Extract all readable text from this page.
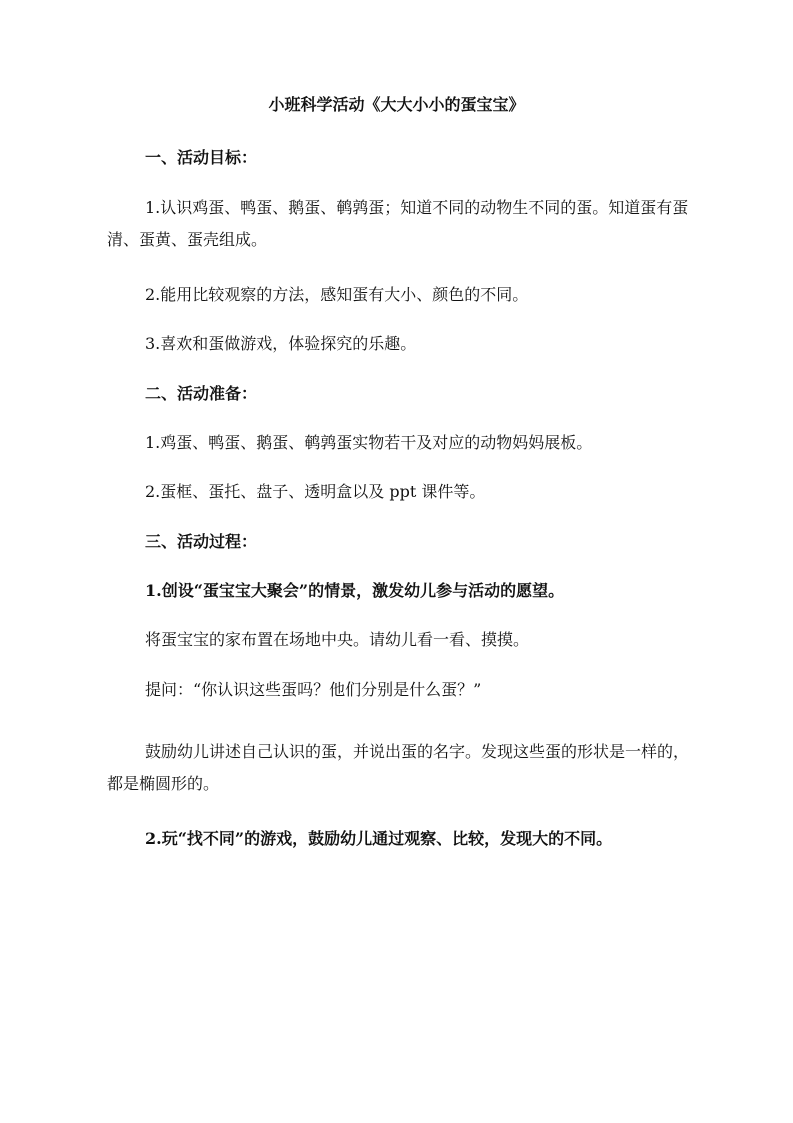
小班科学活动《大大小小的蛋宝宝》
一、活动目标：
1.认识鸡蛋、鸭蛋、鹅蛋、鹌鹑蛋；知道不同的动物生不同的蛋。知道蛋有蛋清、蛋黄、蛋壳组成。
2.能用比较观察的方法，感知蛋有大小、颜色的不同。
3.喜欢和蛋做游戏，体验探究的乐趣。
二、活动准备：
1.鸡蛋、鸭蛋、鹅蛋、鹌鹑蛋实物若干及对应的动物妈妈展板。
2.蛋框、蛋托、盘子、透明盒以及 ppt 课件等。
三、活动过程：
1.创设“蛋宝宝大聚会”的情景，激发幼儿参与活动的愿望。
将蛋宝宝的家布置在场地中央。请幼儿看一看、摸摸。
提问：“你认识这些蛋吗？他们分别是什么蛋？”
鼓励幼儿讲述自己认识的蛋，并说出蛋的名字。发现这些蛋的形状是一样的，都是椭圆形的。
2.玩“找不同”的游戏，鼓励幼儿通过观察、比较，发现大的不同。
